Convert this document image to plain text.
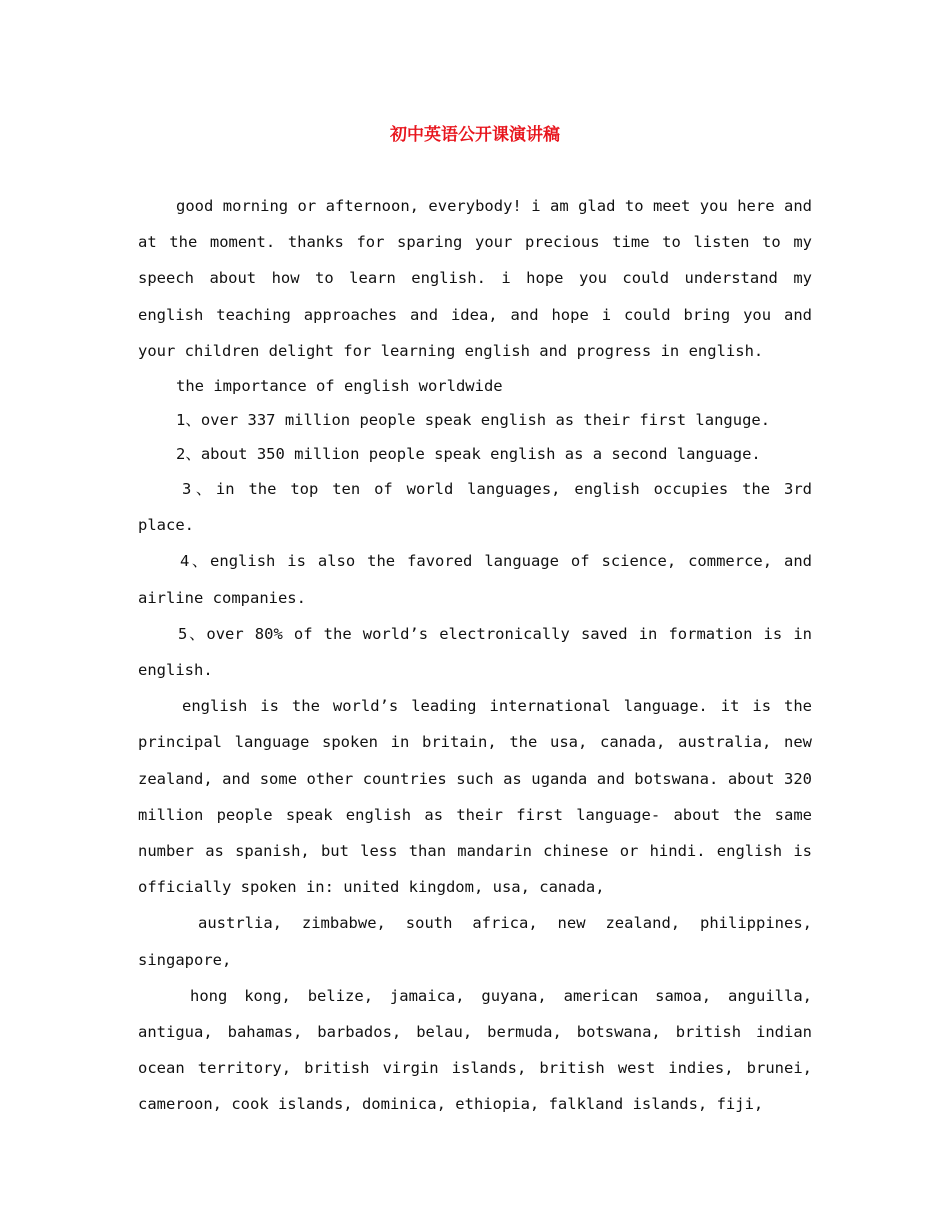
初中英语公开课演讲稿

good morning or afternoon, everybody! i am glad to meet you here and at the moment. thanks for sparing your precious time to listen to my speech about how to learn english. i hope you could understand my english teaching approaches and idea, and hope i could bring you and your children delight for learning english and progress in english.

the importance of english worldwide

1、over 337 million people speak english as their first languge.

2、about 350 million people speak english as a second language.

3、in the top ten of world languages, english occupies the 3rd place.

4、english is also the favored language of science, commerce, and airline companies.

5、over 80% of the world’s electronically saved in formation is in english.

english is the world’s leading international language. it is the principal language spoken in britain, the usa, canada, australia, new zealand, and some other countries such as uganda and botswana. about 320 million people speak english as their first language- about the same number as spanish, but less than mandarin chinese or hindi. english is officially spoken in: united kingdom, usa, canada,

austrlia, zimbabwe, south africa, new zealand, philippines, singapore,

hong kong, belize, jamaica, guyana, american samoa, anguilla, antigua, bahamas, barbados, belau, bermuda, botswana, british indian ocean territory, british virgin islands, british west indies, brunei, cameroon, cook islands, dominica, ethiopia, falkland islands, fiji,
